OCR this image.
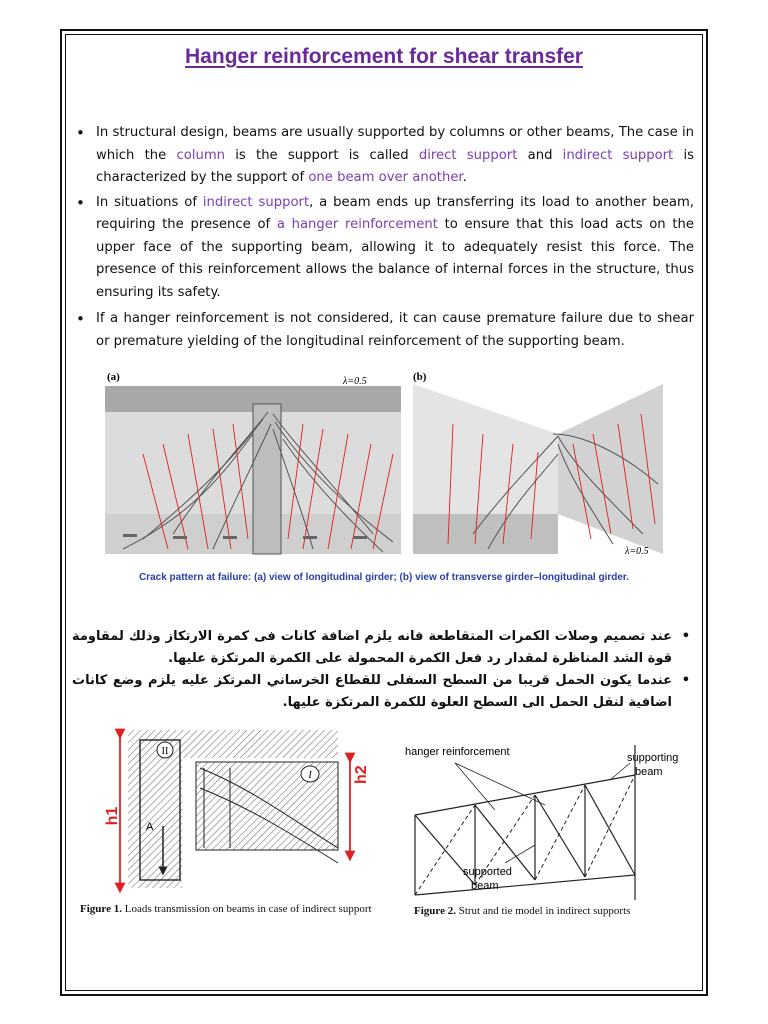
Hanger reinforcement for shear transfer
• In structural design, beams are usually supported by columns or other beams, The case in which the column is the support is called direct support and indirect support is characterized by the support of one beam over another.
• In situations of indirect support, a beam ends up transferring its load to another beam, requiring the presence of a hanger reinforcement to ensure that this load acts on the upper face of the supporting beam, allowing it to adequately resist this force. The presence of this reinforcement allows the balance of internal forces in the structure, thus ensuring its safety.
• If a hanger reinforcement is not considered, it can cause premature failure due to shear or premature yielding of the longitudinal reinforcement of the supporting beam.
(a)	λ=0.5	(b)
λ=0.5
Crack pattern at failure: (a) view of longitudinal girder; (b) view of transverse girder–longitudinal girder.
• عند تصميم وصلات الكمرات المتقاطعة فانه يلزم اضافة كانات فى كمرة الارتكاز وذلك لمقاومة قوة الشد المناظرة لمقدار رد فعل الكمرة المحمولة على الكمرة المرتكزة عليها.
• عندما يكون الحمل قريبا من السطح السفلى للقطاع الخرساني المرتكز عليه يلزم وضع كانات اضافية لنقل الحمل الى السطح العلوة للكمرة المرتكزة عليها.
II
I
A
h1
h2
Figure 1. Loads transmission on beams in case of indirect support
hanger reinforcement	supporting
beam
supported
beam
Figure 2. Strut and tie model in indirect supports
